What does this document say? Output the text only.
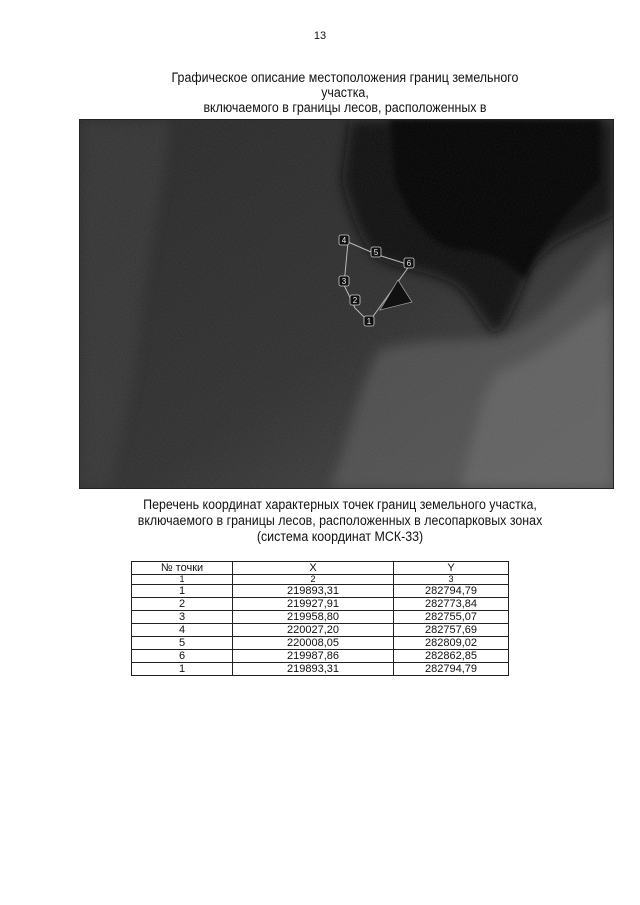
13
Графическое описание местоположения границ земельного участка,
включаемого в границы лесов, расположенных в
1
2
3
4
5
6
Перечень координат характерных точек границ земельного участка,
включаемого в границы лесов, расположенных в лесопарковых зонах
(система координат МСК-33)
№ точки	X	Y
1	2	3
1	219893,31	282794,79
2	219927,91	282773,84
3	219958,80	282755,07
4	220027,20	282757,69
5	220008,05	282809,02
6	219987,86	282862,85
1	219893,31	282794,79
